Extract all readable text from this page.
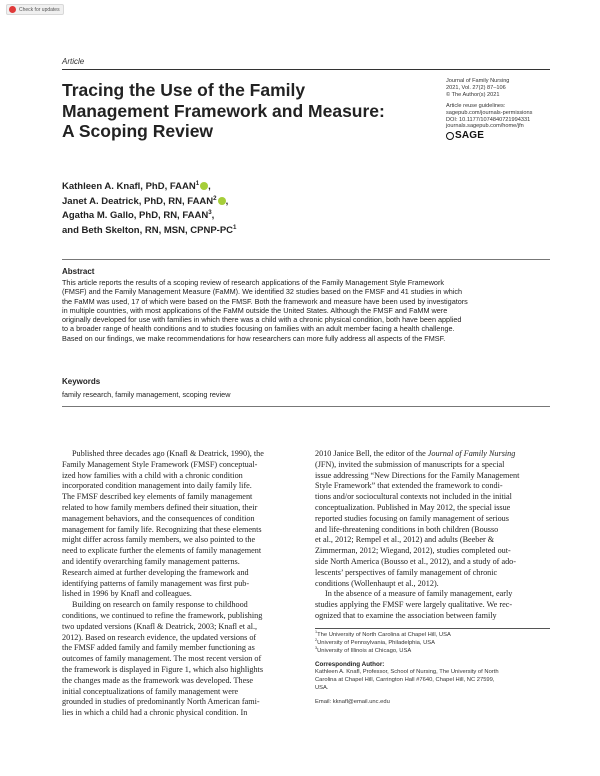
Check for updates
Article
Tracing the Use of the Family Management Framework and Measure: A Scoping Review
Journal of Family Nursing
2021, Vol. 27(2) 87–106
© The Author(s) 2021
Article reuse guidelines:
sagepub.com/journals-permissions
DOI: 10.1177/1074840721994331
journals.sagepub.com/home/jfn
SAGE
Kathleen A. Knafl, PhD, FAAN$^1$ ,
Janet A. Deatrick, PhD, RN, FAAN$^2$ ,
Agatha M. Gallo, PhD, RN, FAAN$^3$,
and Beth Skelton, RN, MSN, CPNP-$PC^1$
Abstract
This article reports the results of a scoping review of research applications of the Family Management Style Framework
(FMSF) and the Family Management Measure (FaMM). We identified 32 studies based on the FMSF and 41 studies in which
the FaMM was used, 17 of which were based on the FMSF. Both the framework and measure have been used by investigators
in multiple countries, with most applications of the FaMM outside the United States. Although the FMSF and FaMM were
originally developed for use with families in which there was a child with a chronic physical condition, both have been applied
to a broader range of health conditions and to studies focusing on families with an adult member facing a health challenge.
Based on our findings, we make recommendations for how researchers can more fully address all aspects of the FMSF.
Keywords
family research, family management, scoping review
Published three decades ago (Knafl & Deatrick, 1990), the
Family Management Style Framework (FMSF) conceptual-
ized how families with a child with a chronic condition
incorporated condition management into daily family life.
The FMSF described key elements of family management
related to how family members defined their situation, their
management behaviors, and the consequences of condition
management for family life. Recognizing that these elements
might differ across family members, we also pointed to the
need to explicate further the elements of family management
and identify overarching family management patterns.
Research aimed at further developing the framework and
identifying patterns of family management was first pub-
lished in 1996 by Knafl and colleagues.
Building on research on family response to childhood
conditions, we continued to refine the framework, publishing
two updated versions (Knafl & Deatrick, 2003; Knafl et al.,
2012). Based on research evidence, the updated versions of
the FMSF added family and family member functioning as
outcomes of family management. The most recent version of
the framework is displayed in Figure 1, which also highlights
the changes made as the framework was developed. These
initial conceptualizations of family management were
grounded in studies of predominantly North American fami-
lies in which a child had a chronic physical condition. In
2010 Janice Bell, the editor of the Journal of Family Nursing
(JFN), invited the submission of manuscripts for a special
issue addressing “New Directions for the Family Management
Style Framework” that extended the framework to condi-
tions and/or sociocultural contexts not included in the initial
conceptualization. Published in May 2012, the special issue
reported studies focusing on family management of serious
and life-threatening conditions in both children (Bousso
et al., 2012; Rempel et al., 2012) and adults (Beeber &
Zimmerman, 2012; Wiegand, 2012), studies completed out-
side North America (Bousso et al., 2012), and a study of ado-
lescents’ perspectives of family management of chronic
conditions (Wollenhaupt et al., 2012).
In the absence of a measure of family management, early
studies applying the FMSF were largely qualitative. We rec-
ognized that to examine the association between family
$^1$The University of North Carolina at Chapel Hill, USA
$^2$University of Pennsylvania, Philadelphia, USA
$^3$University of Illinois at Chicago, USA
Corresponding Author:
Kathleen A. Knafl, Professor, School of Nursing, The University of North
Carolina at Chapel Hill, Carrington Hall #7640, Chapel Hill, NC 27599,
USA.
Email: kknafl@email.unc.edu
